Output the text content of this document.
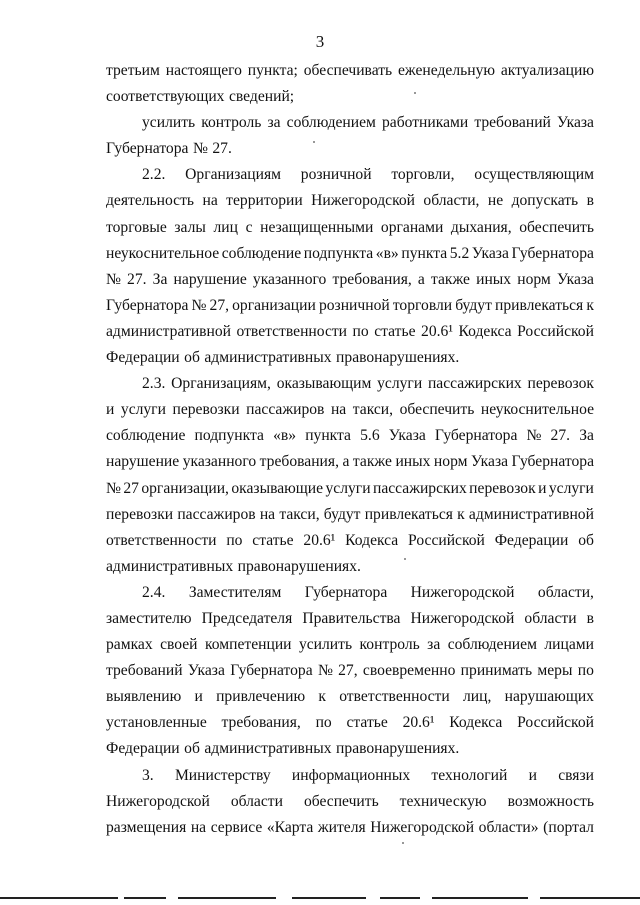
3
третьим настоящего пункта; обеспечивать еженедельную актуализацию
соответствующих сведений;
усилить контроль за соблюдением работниками требований Указа
Губернатора № 27.
2.2. Организациям розничной торговли, осуществляющим
деятельность на территории Нижегородской области, не допускать в
торговые залы лиц с незащищенными органами дыхания, обеспечить
неукоснительное соблюдение подпункта «в» пункта 5.2 Указа Губернатора
№ 27. За нарушение указанного требования, а также иных норм Указа
Губернатора № 27, организации розничной торговли будут привлекаться к
административной ответственности по статье 20.6¹ Кодекса Российской
Федерации об административных правонарушениях.
2.3. Организациям, оказывающим услуги пассажирских перевозок
и услуги перевозки пассажиров на такси, обеспечить неукоснительное
соблюдение подпункта «в» пункта 5.6 Указа Губернатора № 27. За
нарушение указанного требования, а также иных норм Указа Губернатора
№ 27 организации, оказывающие услуги пассажирских перевозок и услуги
перевозки пассажиров на такси, будут привлекаться к административной
ответственности по статье 20.6¹ Кодекса Российской Федерации об
административных правонарушениях.
2.4. Заместителям Губернатора Нижегородской области,
заместителю Председателя Правительства Нижегородской области в
рамках своей компетенции усилить контроль за соблюдением лицами
требований Указа Губернатора № 27, своевременно принимать меры по
выявлению и привлечению к ответственности лиц, нарушающих
установленные требования, по статье 20.6¹ Кодекса Российской
Федерации об административных правонарушениях.
3. Министерству информационных технологий и связи
Нижегородской области обеспечить техническую возможность
размещения на сервисе «Карта жителя Нижегородской области» (портал
